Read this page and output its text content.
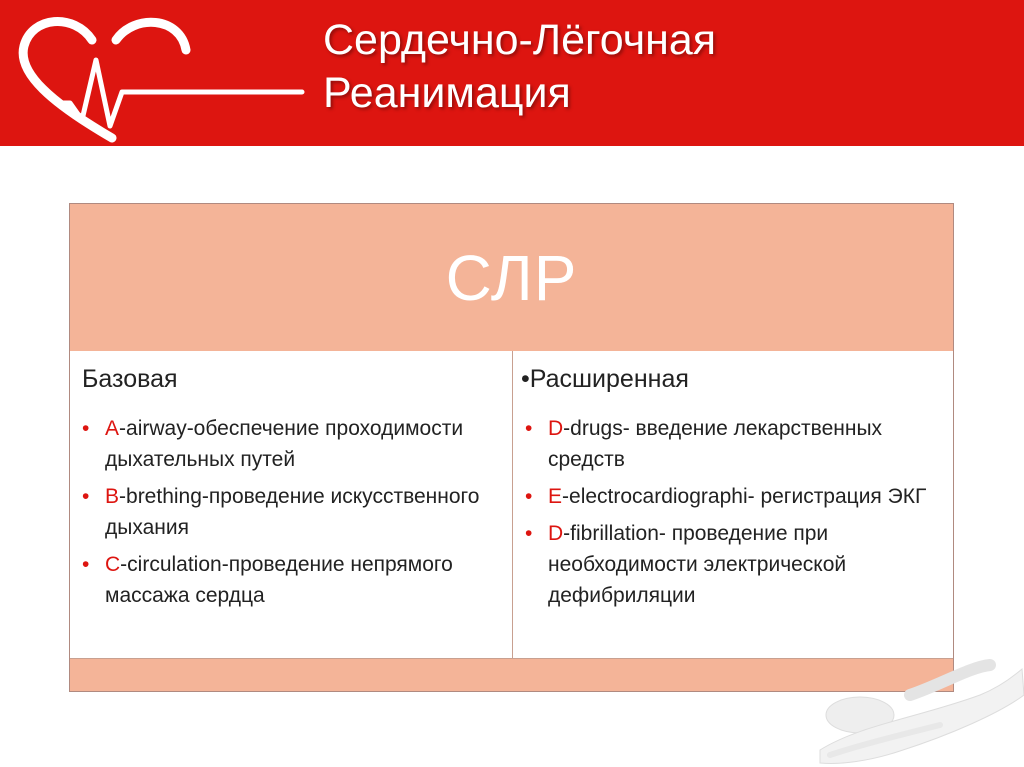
Сердечно-Лёгочная
Реанимация
СЛР
Базовая
• A-airway-обеспечение проходимости дыхательных путей
• B-brething-проведение искусственного дыхания
• C-circulation-проведение непрямого массажа сердца
•Расширенная
• D-drugs- введение лекарственных средств
• E-electrocardiographi- регистрация ЭКГ
• D-fibrillation- проведение при необходимости электрической дефибриляции
